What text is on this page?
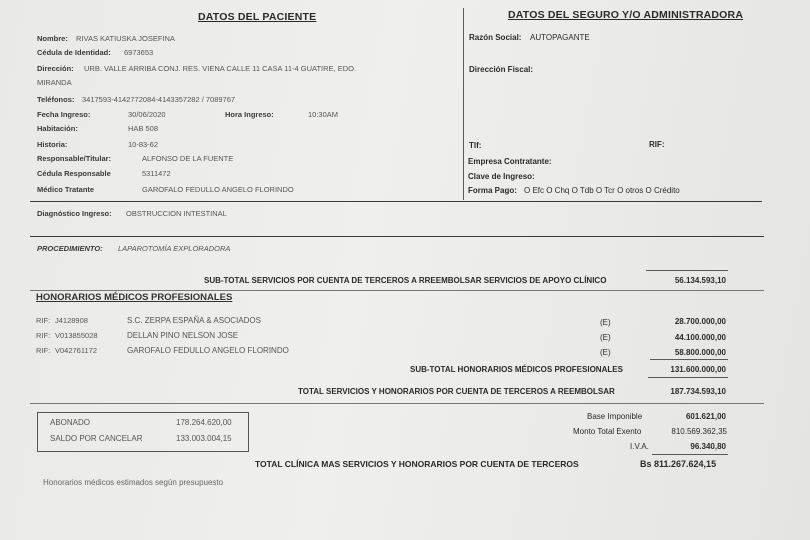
DATOS DEL PACIENTE
Nombre: RIVAS KATIUSKA JOSEFINA
Cédula de Identidad: 6973653
Dirección: URB. VALLE ARRIBA CONJ. RES. VIENA CALLE 11 CASA 11-4 GUATIRE, EDO.
MIRANDA
Teléfonos: 3417593-4142772084-4143357282 / 7089767
Fecha Ingreso:	30/06/2020	Hora Ingreso:	10:30AM
Habitación:	HAB 508
Historia:	10-83-62
Responsable/Titular:	ALFONSO DE LA FUENTE
Cédula Responsable	5311472
Médico Tratante	GAROFALO FEDULLO ANGELO FLORINDO
DATOS DEL SEGURO Y/O ADMINISTRADORA
Razón Social: AUTOPAGANTE
Dirección Fiscal:
Tlf:	RIF:
Empresa Contratante:
Clave de Ingreso:
Forma Pago: O Efc O Chq O Tdb O Tcr O otros O Crédito
Diagnóstico Ingreso: OBSTRUCCION INTESTINAL
PROCEDIMIENTO: LAPAROTOMÍA EXPLORADORA
SUB-TOTAL SERVICIOS POR CUENTA DE TERCEROS A RREEMBOLSAR SERVICIOS DE APOYO CLÍNICO	56.134.593,10
HONORARIOS MÉDICOS PROFESIONALES
RIF: J4128908	S.C. ZERPA ESPAÑA & ASOCIADOS	(E)	28.700.000,00
RIF: V013855028	DELLAN PINO NELSON JOSE	(E)	44.100.000,00
RIF: V042761172	GAROFALO FEDULLO ANGELO FLORINDO	(E)	58.800.000,00
SUB-TOTAL HONORARIOS MÉDICOS PROFESIONALES	131.600.000,00
TOTAL SERVICIOS Y HONORARIOS POR CUENTA DE TERCEROS A REEMBOLSAR	187.734.593,10
ABONADO	178.264.620,00
SALDO POR CANCELAR	133.003.004,15
Base Imponible	601.621,00
Monto Total Exento	810.569.362,35
I.V.A.	96.340,80
TOTAL CLÍNICA MAS SERVICIOS Y HONORARIOS POR CUENTA DE TERCEROS	Bs 811.267.624,15
Honorarios médicos estimados según presupuesto
